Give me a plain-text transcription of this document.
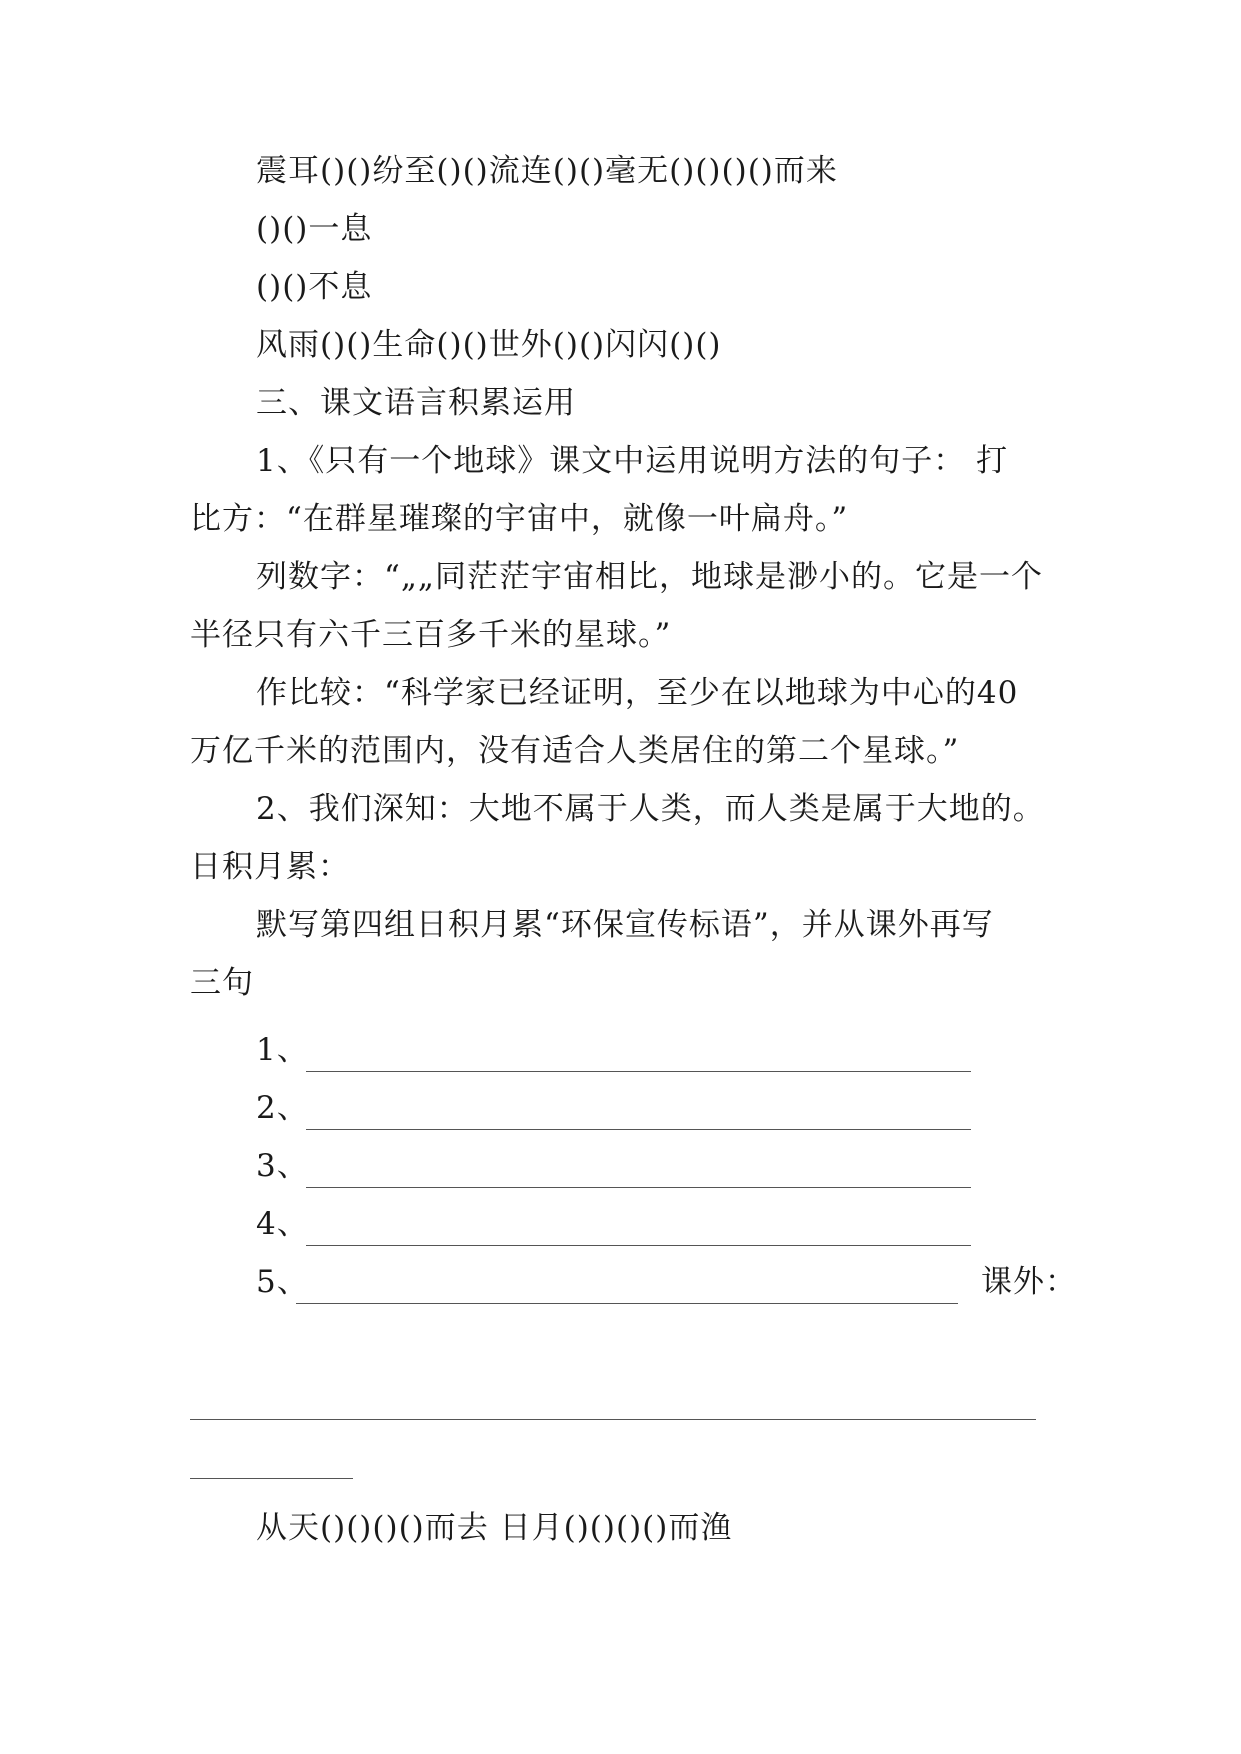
震耳()()纷至()()流连()()毫无()()()()而来
()()一息
()()不息
风雨()()生命()()世外()()闪闪()()
三、课文语言积累运用
1、《只有一个地球》课文中运用说明方法的句子： 打
比方：“在群星璀璨的宇宙中，就像一叶扁舟。”
列数字：“„„同茫茫宇宙相比，地球是渺小的。它是一个
半径只有六千三百多千米的星球。”
作比较：“科学家已经证明，至少在以地球为中心的40
万亿千米的范围内，没有适合人类居住的第二个星球。”
2、我们深知：大地不属于人类，而人类是属于大地的。
日积月累：
默写第四组日积月累“环保宣传标语”，并从课外再写
三句
1、
2、
3、
4、
5、	课外：
从天()()()()而去 日月()()()()而渔
